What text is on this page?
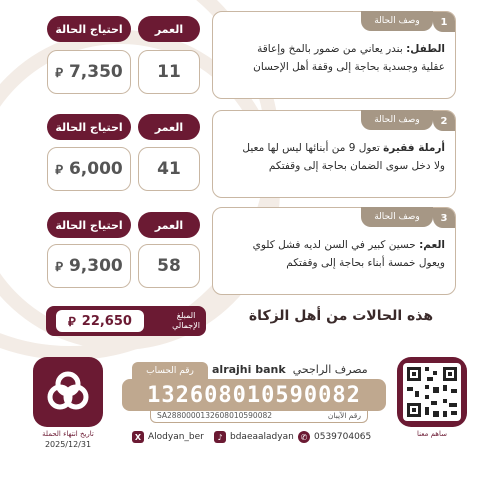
1
وصف الحالة
الطفل: بندر يعاني من ضمور بالمخ وإعاقة
عقلية وجسدية بحاجة إلى وقفة أهل الإحسان
العمر
احتياج الحالة
11
⃁ 7,350
2
وصف الحالة
أرملة فقيرة تعول 9 من أبنائها ليس لها معيل
ولا دخل سوى الضمان بحاجة إلى وقفتكم
العمر
احتياج الحالة
41
⃁ 6,000
3
وصف الحالة
العم: حسين كبير في السن لديه فشل كلوي
ويعول خمسة أبناء بحاجة إلى وقفتكم
العمر
احتياج الحالة
58
⃁ 9,300
⃁ 22,650	المبلغ
الإجمالي
هذه الحالات من أهل الزكاة
تاريخ انتهاء الحملة
2025/12/31
ساهم معنا
alrajhi bank مصرف الراجحي
رقم الحساب
132608010590082
SA2880000132608010590082	رقم الآيبان
X Alodyan_ber	♪ bdaeaaladyan ✆ 0539704065
